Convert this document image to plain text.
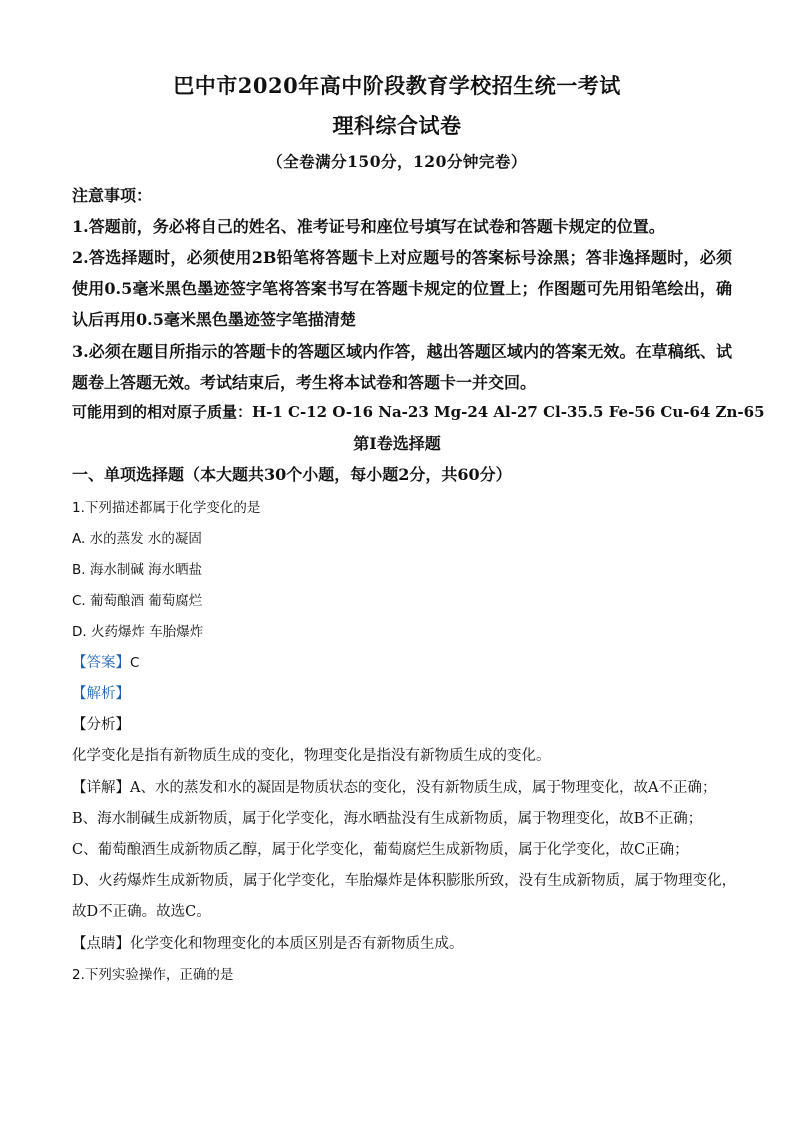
巴中市2020年高中阶段教育学校招生统一考试
理科综合试卷
（全卷满分150分，120分钟完卷）
注意事项：
1.答题前，务必将自己的姓名、准考证号和座位号填写在试卷和答题卡规定的位置。
2.答选择题时，必须使用2B铅笔将答题卡上对应题号的答案标号涂黑；答非逸择题时，必须
使用0.5毫米黑色墨迹签字笔将答案书写在答题卡规定的位置上；作图题可先用铅笔绘出，确
认后再用0.5毫米黑色墨迹签字笔描清楚
3.必须在题目所指示的答题卡的答题区域内作答，越出答题区域内的答案无效。在草稿纸、试
题卷上答题无效。考试结束后，考生将本试卷和答题卡一并交回。
可能用到的相对原子质量：H-1 C-12 O-16 Na-23 Mg-24 Al-27 Cl-35.5 Fe-56 Cu-64 Zn-65
第Ⅰ卷选择题
一、单项选择题（本大题共30个小题，每小题2分，共60分）
1.下列描述都属于化学变化的是
A. 水的蒸发 水的凝固
B. 海水制碱 海水晒盐
C. 葡萄酿酒 葡萄腐烂
D. 火药爆炸 车胎爆炸
【答案】C
【解析】
【分析】
化学变化是指有新物质生成的变化，物理变化是指没有新物质生成的变化。
【详解】A、水的蒸发和水的凝固是物质状态的变化，没有新物质生成，属于物理变化，故A不正确；
B、海水制碱生成新物质，属于化学变化，海水晒盐没有生成新物质，属于物理变化，故B不正确；
C、葡萄酿酒生成新物质乙醇，属于化学变化，葡萄腐烂生成新物质，属于化学变化，故C正确；
D、火药爆炸生成新物质，属于化学变化，车胎爆炸是体积膨胀所致，没有生成新物质，属于物理变化，
故D不正确。故选C。
【点睛】化学变化和物理变化的本质区别是否有新物质生成。
2.下列实验操作，正确的是
